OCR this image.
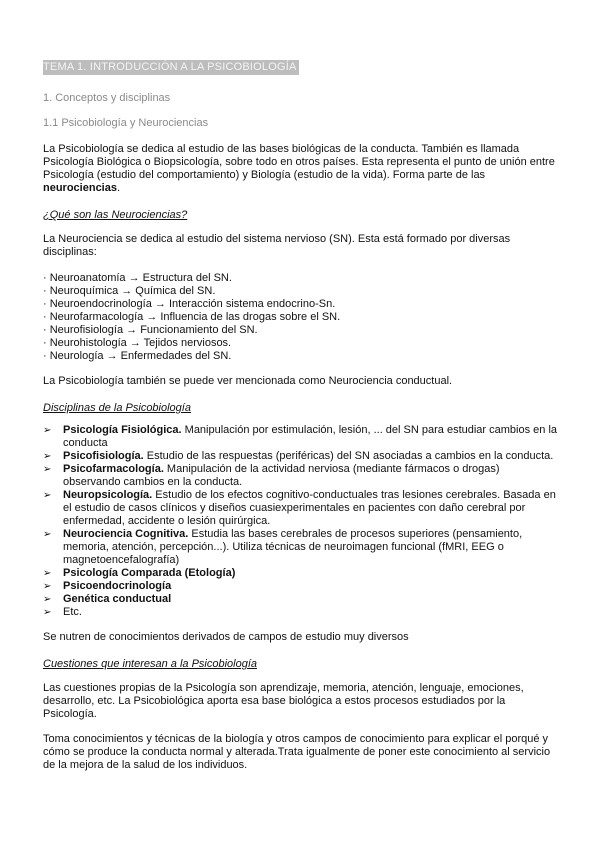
TEMA 1. INTRODUCCIÓN A LA PSICOBIOLOGÍA
1. Conceptos y disciplinas
1.1 Psicobiología y Neurociencias

La Psicobiología se dedica al estudio de las bases biológicas de la conducta. También es llamada Psicología Biológica o Biopsicología, sobre todo en otros países. Esta representa el punto de unión entre Psicología (estudio del comportamiento) y Biología (estudio de la vida). Forma parte de las neurociencias.

¿Qué son las Neurociencias?

La Neurociencia se dedica al estudio del sistema nervioso (SN). Esta está formado por diversas disciplinas:

· Neuroanatomía → Estructura del SN.
· Neuroquímica → Química del SN.
· Neuroendocrinología → Interacción sistema endocrino-Sn.
· Neurofarmacología → Influencia de las drogas sobre el SN.
· Neurofisiología → Funcionamiento del SN.
· Neurohistología → Tejidos nerviosos.
· Neurología → Enfermedades del SN.

La Psicobiología también se puede ver mencionada como Neurociencia conductual.

Disciplinas de la Psicobiología
➢ Psicología Fisiológica. Manipulación por estimulación, lesión, ... del SN para estudiar cambios en la conducta
➢ Psicofisiología. Estudio de las respuestas (periféricas) del SN asociadas a cambios en la conducta.
➢ Psicofarmacología. Manipulación de la actividad nerviosa (mediante fármacos o drogas) observando cambios en la conducta.
➢ Neuropsicología. Estudio de los efectos cognitivo-conductuales tras lesiones cerebrales. Basada en el estudio de casos clínicos y diseños cuasiexperimentales en pacientes con daño cerebral por enfermedad, accidente o lesión quirúrgica.
➢ Neurociencia Cognitiva. Estudia las bases cerebrales de procesos superiores (pensamiento, memoria, atención, percepción...). Utiliza técnicas de neuroimagen funcional (fMRI, EEG o magnetoencefalografía)
➢ Psicología Comparada (Etología)
➢ Psicoendocrinología
➢ Genética conductual
➢ Etc.

Se nutren de conocimientos derivados de campos de estudio muy diversos

Cuestiones que interesan a la Psicobiología

Las cuestiones propias de la Psicología son aprendizaje, memoria, atención, lenguaje, emociones, desarrollo, etc. La Psicobiológica aporta esa base biológica a estos procesos estudiados por la Psicología.

Toma conocimientos y técnicas de la biología y otros campos de conocimiento para explicar el porqué y cómo se produce la conducta normal y alterada.Trata igualmente de poner este conocimiento al servicio de la mejora de la salud de los individuos.
